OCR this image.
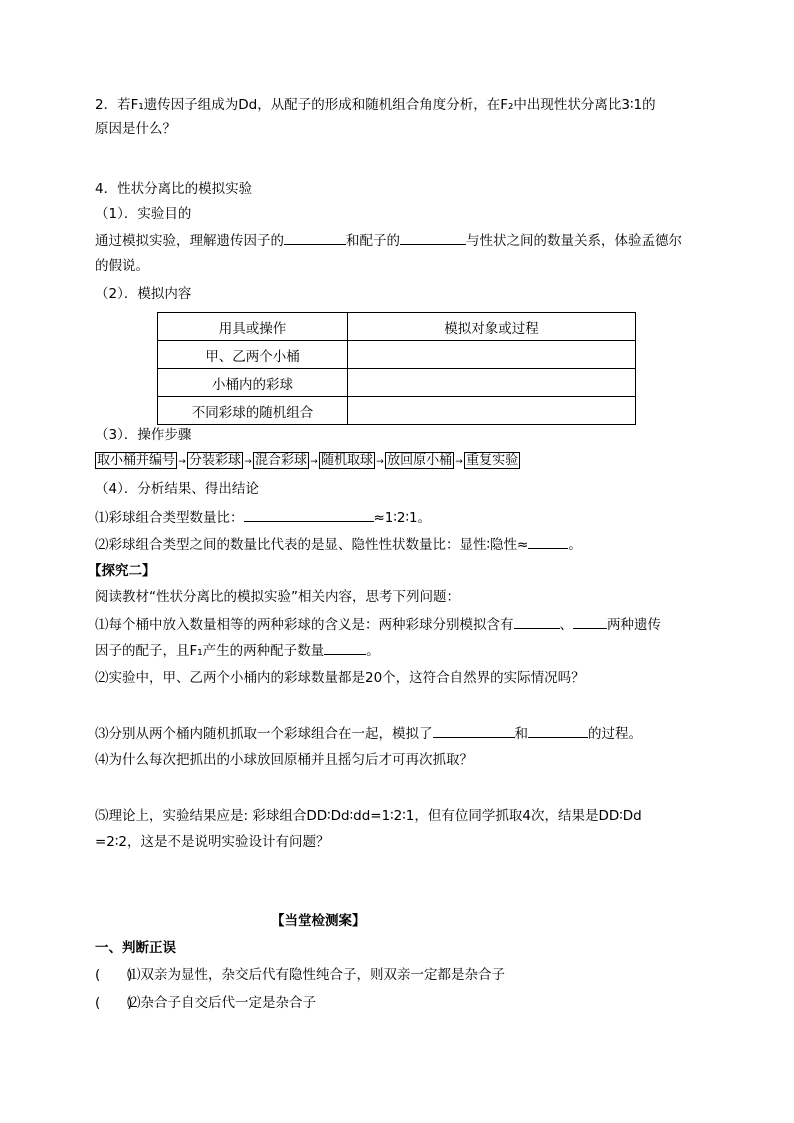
2．若F₁遗传因子组成为Dd，从配子的形成和随机组合角度分析，在F₂中出现性状分离比3∶1的
原因是什么？
4．性状分离比的模拟实验
（1）．实验目的
通过模拟实验，理解遗传因子的	和配子的	与性状之间的数量关系，体验孟德尔
的假说。
（2）．模拟内容
用具或操作	模拟对象或过程
甲、乙两个小桶	
小桶内的彩球	
不同彩球的随机组合	
（3）．操作步骤
取小桶并编号 → 分装彩球 → 混合彩球 → 随机取球 → 放回原小桶 → 重复实验
（4）．分析结果、得出结论
⑴彩球组合类型数量比：	≈1∶2∶1。
⑵彩球组合类型之间的数量比代表的是显、隐性性状数量比：显性∶隐性≈	。
【探究二】
阅读教材“性状分离比的模拟实验”相关内容，思考下列问题：
⑴每个桶中放入数量相等的两种彩球的含义是：两种彩球分别模拟含有	、	两种遗传
因子的配子，且F₁产生的两种配子数量	。
⑵实验中，甲、乙两个小桶内的彩球数量都是20个，这符合自然界的实际情况吗？
⑶分别从两个桶内随机抓取一个彩球组合在一起，模拟了	和	的过程。
⑷为什么每次把抓出的小球放回原桶并且摇匀后才可再次抓取？
⑸理论上，实验结果应是: 彩球组合DD∶Dd∶dd=1∶2∶1，但有位同学抓取4次，结果是DD∶Dd
=2∶2，这是不是说明实验设计有问题？
【当堂检测案】
一、判断正误
(　　)⑴双亲为显性，杂交后代有隐性纯合子，则双亲一定都是杂合子
(　　)⑵杂合子自交后代一定是杂合子
